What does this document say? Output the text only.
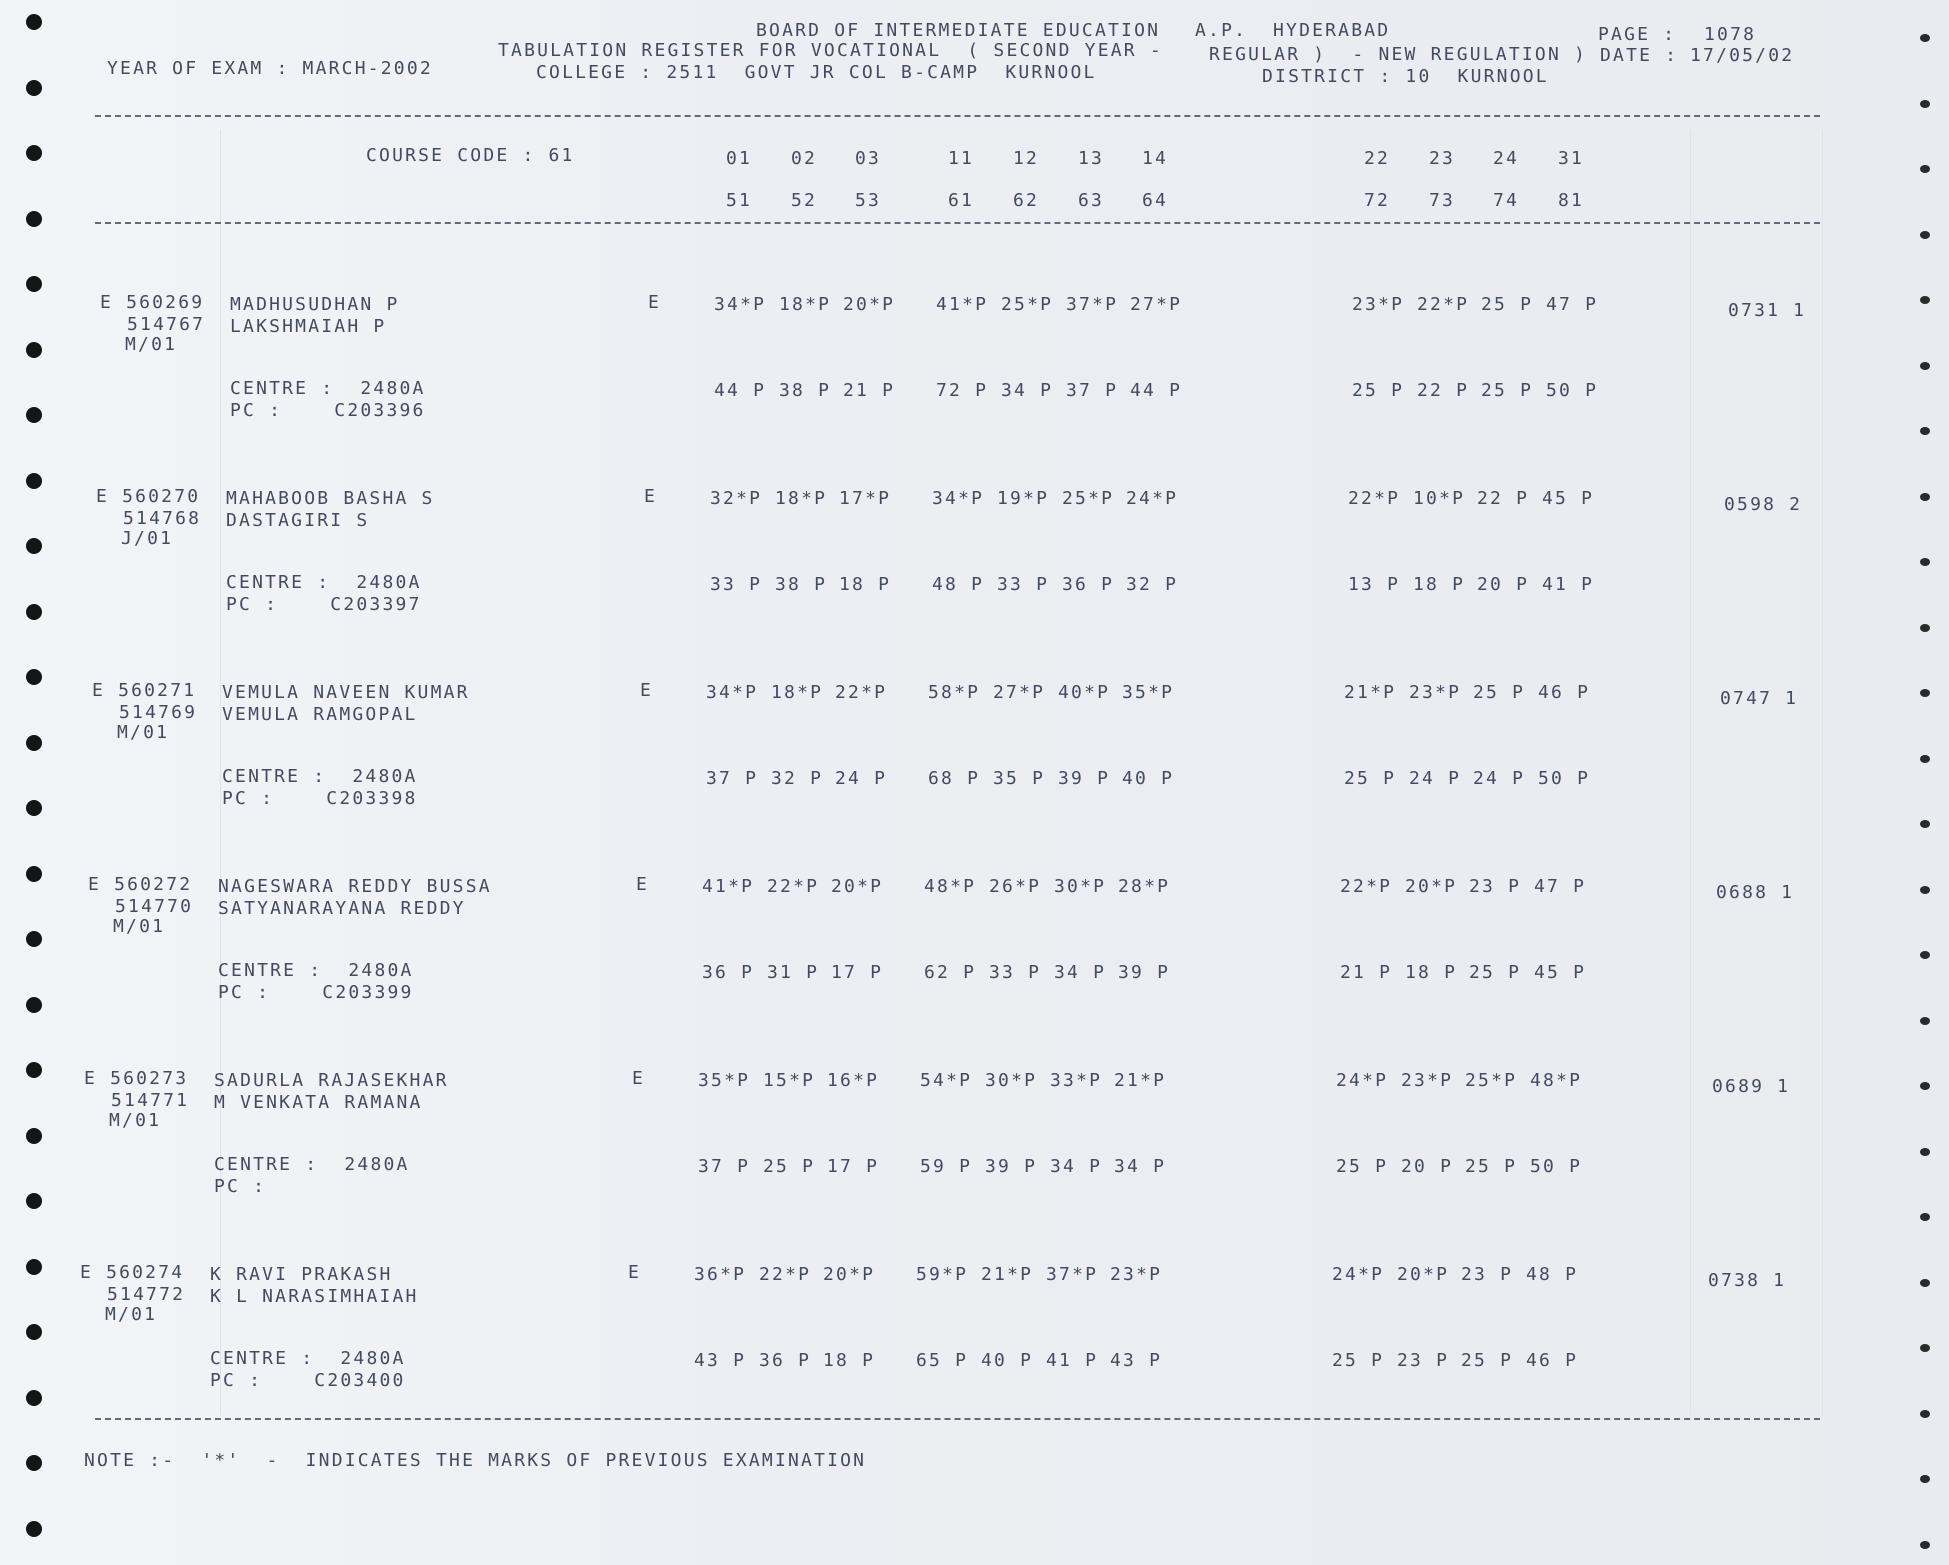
BOARD OF INTERMEDIATE EDUCATION A.P. HYDERABAD	PAGE : 1078
TABULATION REGISTER FOR VOCATIONAL  ( SECOND YEAR -	REGULAR )  - NEW REGULATION ) DATE : 17/05/02
YEAR OF EXAM : MARCH-2002	COLLEGE : 2511  GOVT JR COL B-CAMP  KURNOOL	DISTRICT : 10  KURNOOL
COURSE CODE : 61	01 02 03	11 12 13 14	22 23 24 31
51 52 53	61 62 63 64	72 73 74 81
E 560269
514767
M/01
MADHUSUDHAN P
LAKSHMAIAH P
E	34*P 18*P 20*P 41*P 25*P 37*P 27*P	23*P 22*P 25 P 47 P	0731 1
CENTRE :  2480A
PC :    C203396
44 P 38 P 21 P 72 P 34 P 37 P 44 P	25 P 22 P 25 P 50 P
E 560270
514768
J/01
MAHABOOB BASHA S
DASTAGIRI S
E	32*P 18*P 17*P 34*P 19*P 25*P 24*P	22*P 10*P 22 P 45 P	0598 2
CENTRE :  2480A
PC :    C203397
33 P 38 P 18 P 48 P 33 P 36 P 32 P	13 P 18 P 20 P 41 P
E 560271
514769
M/01
VEMULA NAVEEN KUMAR
VEMULA RAMGOPAL
E	34*P 18*P 22*P 58*P 27*P 40*P 35*P	21*P 23*P 25 P 46 P	0747 1
CENTRE :  2480A
PC :    C203398
37 P 32 P 24 P 68 P 35 P 39 P 40 P	25 P 24 P 24 P 50 P
E 560272
514770
M/01
NAGESWARA REDDY BUSSA
SATYANARAYANA REDDY
E	41*P 22*P 20*P 48*P 26*P 30*P 28*P	22*P 20*P 23 P 47 P	0688 1
CENTRE :  2480A
PC :    C203399
36 P 31 P 17 P 62 P 33 P 34 P 39 P	21 P 18 P 25 P 45 P
E 560273
514771
M/01
SADURLA RAJASEKHAR
M VENKATA RAMANA
E	35*P 15*P 16*P 54*P 30*P 33*P 21*P	24*P 23*P 25*P 48*P	0689 1
CENTRE :  2480A
PC :
37 P 25 P 17 P 59 P 39 P 34 P 34 P	25 P 20 P 25 P 50 P
E 560274
514772
M/01
K RAVI PRAKASH
K L NARASIMHAIAH
E	36*P 22*P 20*P 59*P 21*P 37*P 23*P	24*P 20*P 23 P 48 P	0738 1
CENTRE :  2480A
PC :    C203400
43 P 36 P 18 P 65 P 40 P 41 P 43 P	25 P 23 P 25 P 46 P
NOTE :-  '*'  -  INDICATES THE MARKS OF PREVIOUS EXAMINATION
